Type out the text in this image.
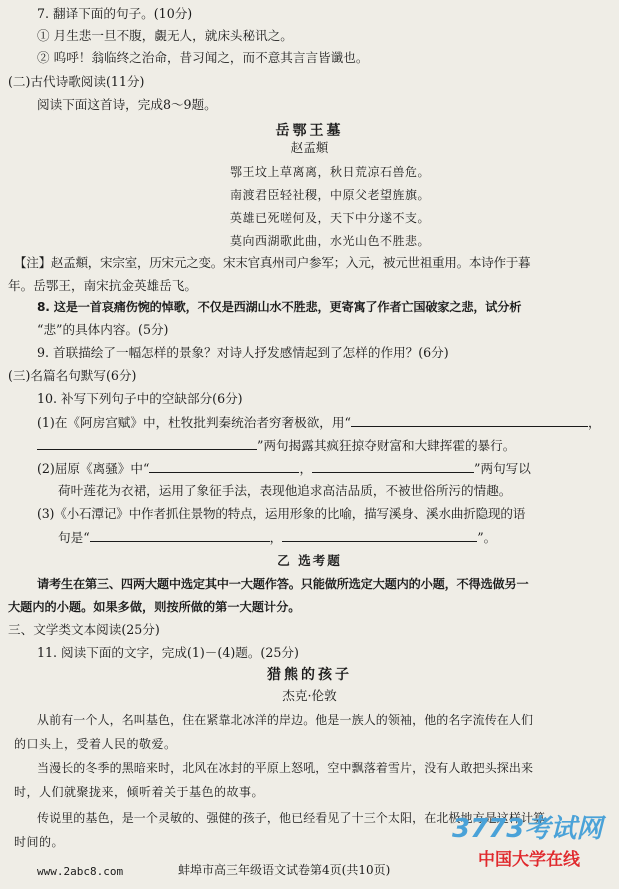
7. 翻译下面的句子。(10分)
① 月生悲一旦不腹，覷无人，就床头秘讯之。
② 呜呼！翁临终之治命，昔习闻之，而不意其言言皆谶也。
(二)古代诗歌阅读(11分)
阅读下面这首诗，完成8～9题。
岳鄂王墓
赵孟頫
鄂王坟上草离离，秋日荒凉石兽危。
南渡君臣轻社稷，中原父老望旌旗。
英雄已死嗟何及，天下中分遂不支。
莫向西湖歌此曲，水光山色不胜悲。
【注】赵孟頫，宋宗室，历宋元之变。宋末官真州司户参军；入元，被元世祖重用。本诗作于暮
年。岳鄂王，南宋抗金英雄岳飞。
8. 这是一首哀痛伤惋的悼歌，不仅是西湖山水不胜悲，更寄寓了作者亡国破家之悲，试分析
“悲”的具体内容。(5分)
9. 首联描绘了一幅怎样的景象？对诗人抒发感情起到了怎样的作用？(6分)
(三)名篇名句默写(6分)
10. 补写下列句子中的空缺部分(6分)
(1)在《阿房宫赋》中，杜牧批判秦统治者穷奢极欲，用“	，
”两句揭露其疯狂掠夺财富和大肆挥霍的暴行。
(2)屈原《离骚》中“	，	”两句写以
荷叶莲花为衣裙，运用了象征手法，表现他追求高洁品质，不被世俗所污的情趣。
(3)《小石潭记》中作者抓住景物的特点，运用形象的比喻，描写溪身、溪水曲折隐现的语
句是“	，	”。
乙 选考题
请考生在第三、四两大题中选定其中一大题作答。只能做所选定大题内的小题，不得选做另一
大题内的小题。如果多做，则按所做的第一大题计分。
三、文学类文本阅读(25分)
11. 阅读下面的文字，完成(1)－(4)题。(25分)
猎熊的孩子
杰克·伦敦
从前有一个人，名叫基色，住在紧靠北冰洋的岸边。他是一族人的领袖，他的名字流传在人们
的口头上，受着人民的敬爱。
当漫长的冬季的黑暗来时，北风在冰封的平原上怒吼，空中飘落着雪片，没有人敢把头探出来
时，人们就聚拢来，倾听着关于基色的故事。
传说里的基色，是一个灵敏的、强健的孩子，他已经看见了十三个太阳，在北极地方是这样计算
时间的。
www.2abc8.com	蚌埠市高三年级语文试卷第4页(共10页)
3773考试网
中国大学在线
